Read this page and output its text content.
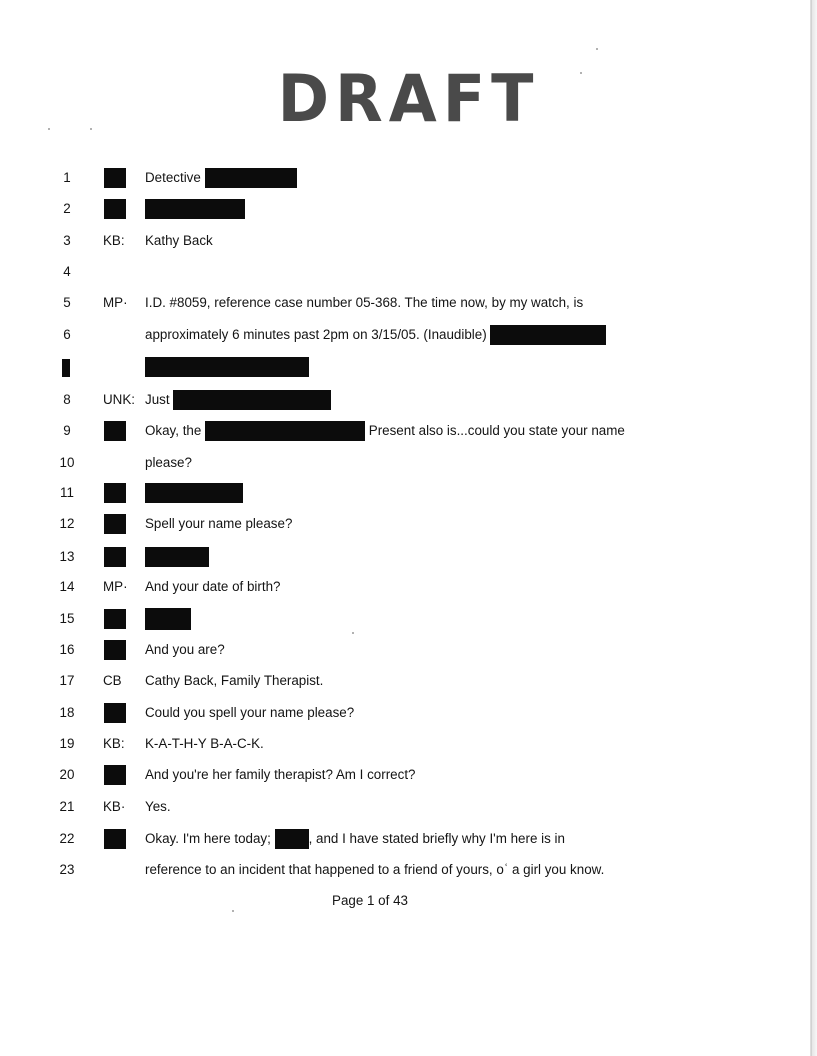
DRAFT
1	Detective
2
3	KB: Kathy Back
4
5	MP· I.D. #8059, reference case number 05-368. The time now, by my watch, is
6	approximately 6 minutes past 2pm on 3/15/05. (Inaudible)
8	UNK: Just
9	Okay, the	Present also is...could you state your name
10	please?
11
12	Spell your name please?
13
14 MP· And your date of birth?
15
16	And you are?
17 CB Cathy Back, Family Therapist.
18	Could you spell your name please?
19 KB: K-A-T-H-Y B-A-C-K.
20	And you're her family therapist? Am I correct?
21 KB· Yes.
22	Okay. I'm here today;	, and I have stated briefly why I'm here is in
23	reference to an incident that happened to a friend of yours, oʿ a girl you know.
Page 1 of 43
